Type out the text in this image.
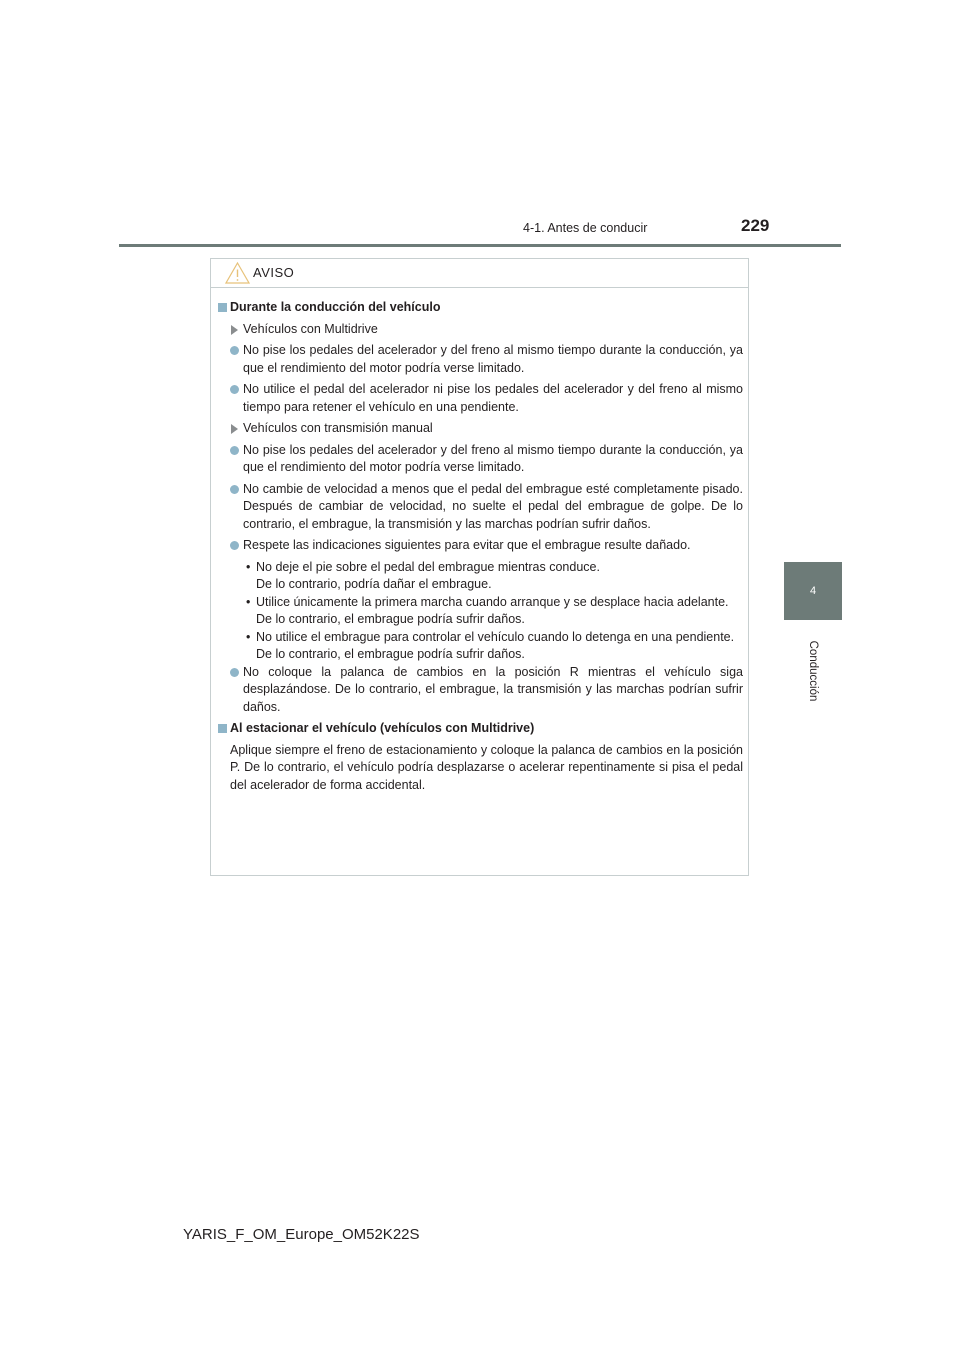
4-1. Antes de conducir	229
4
Conducción
AVISO
Durante la conducción del vehículo
Vehículos con Multidrive
No pise los pedales del acelerador y del freno al mismo tiempo durante la conducción, ya que el rendimiento del motor podría verse limitado.
No utilice el pedal del acelerador ni pise los pedales del acelerador y del freno al mismo tiempo para retener el vehículo en una pendiente.
Vehículos con transmisión manual
No pise los pedales del acelerador y del freno al mismo tiempo durante la conducción, ya que el rendimiento del motor podría verse limitado.
No cambie de velocidad a menos que el pedal del embrague esté completamente pisado. Después de cambiar de velocidad, no suelte el pedal del embrague de golpe. De lo contrario, el embrague, la transmisión y las marchas podrían sufrir daños.
Respete las indicaciones siguientes para evitar que el embrague resulte dañado.
• No deje el pie sobre el pedal del embrague mientras conduce.
De lo contrario, podría dañar el embrague.
• Utilice únicamente la primera marcha cuando arranque y se desplace hacia adelante.
De lo contrario, el embrague podría sufrir daños.
• No utilice el embrague para controlar el vehículo cuando lo detenga en una pendiente.
De lo contrario, el embrague podría sufrir daños.
No coloque la palanca de cambios en la posición R mientras el vehículo siga desplazándose. De lo contrario, el embrague, la transmisión y las marchas podrían sufrir daños.
Al estacionar el vehículo (vehículos con Multidrive)
Aplique siempre el freno de estacionamiento y coloque la palanca de cambios en la posición P. De lo contrario, el vehículo podría desplazarse o acelerar repentinamente si pisa el pedal del acelerador de forma accidental.
YARIS_F_OM_Europe_OM52K22S
